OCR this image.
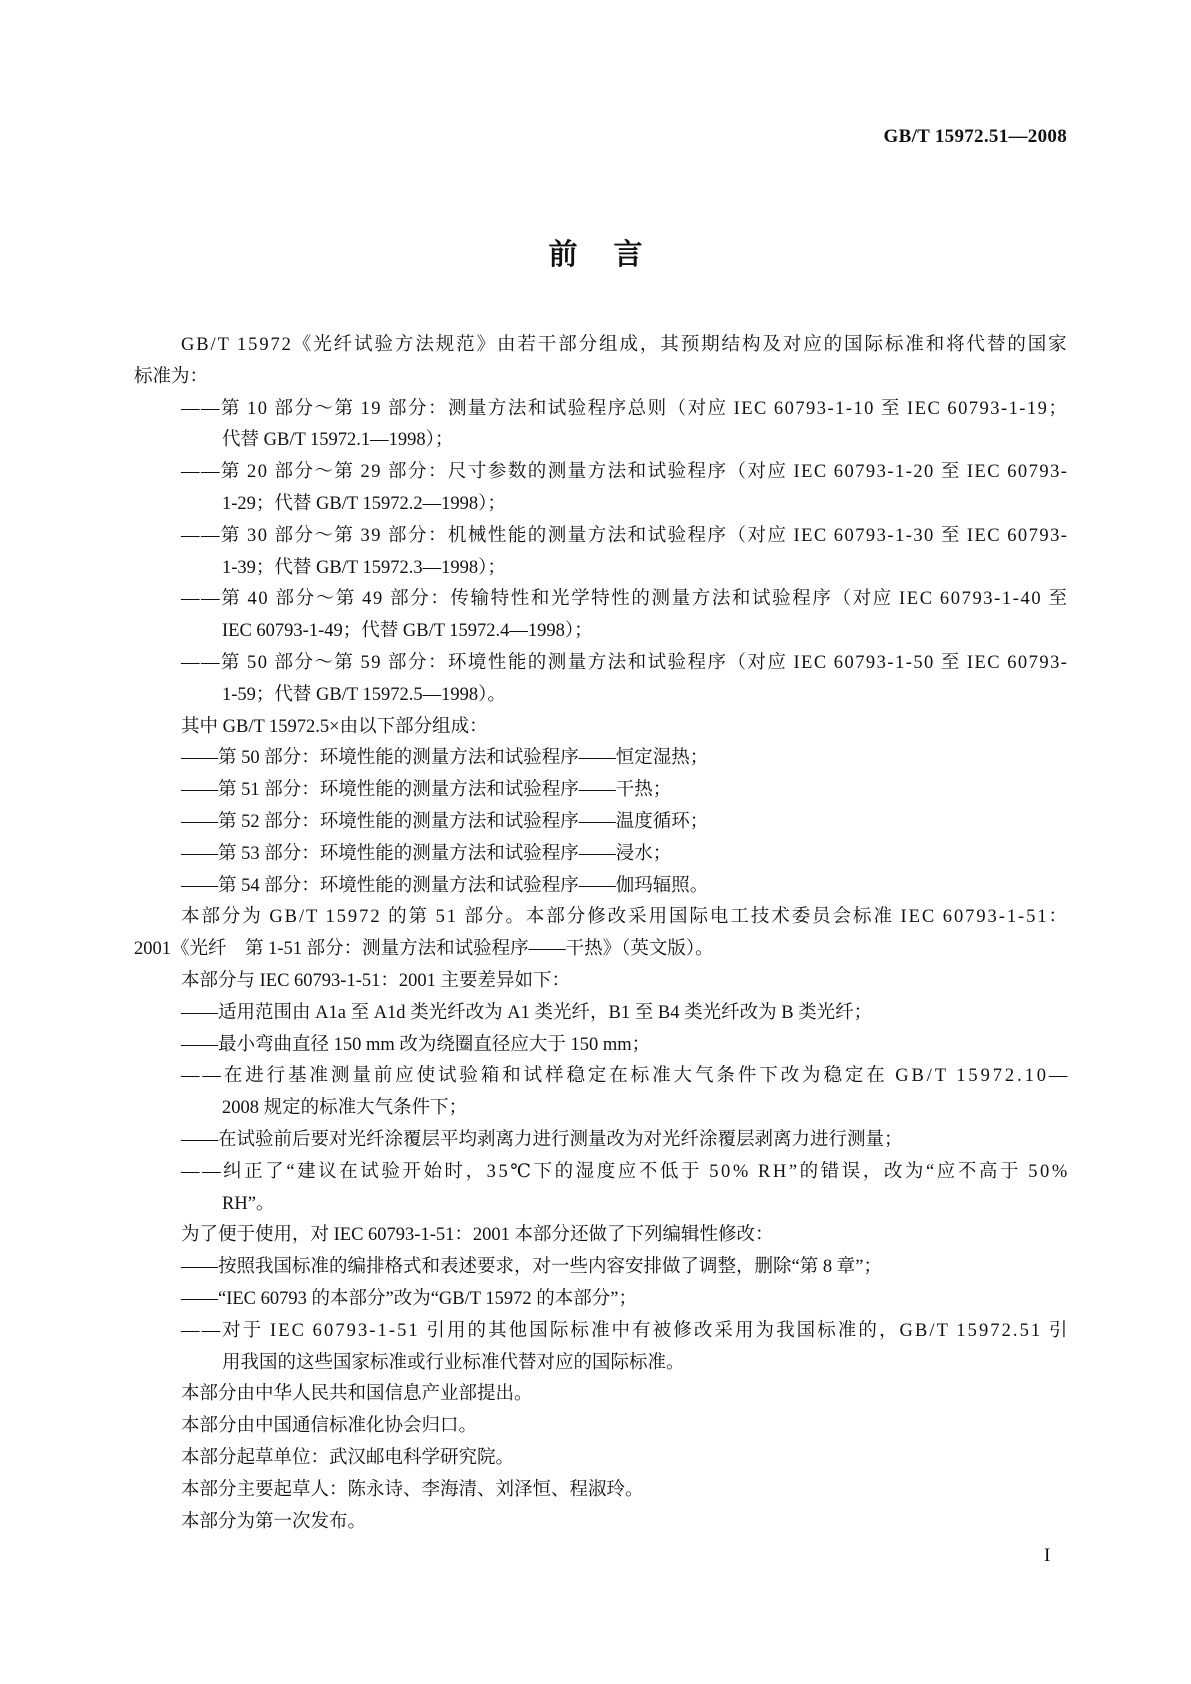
GB/T 15972.51—2008
前言
GB/T 15972《光纤试验方法规范》由若干部分组成，其预期结构及对应的国际标准和将代替的国家
标准为：
——第 10 部分～第 19 部分：测量方法和试验程序总则（对应 IEC 60793-1-10 至 IEC 60793-1-19；
代替 GB/T 15972.1—1998）；
——第 20 部分～第 29 部分：尺寸参数的测量方法和试验程序（对应 IEC 60793-1-20 至 IEC 60793-
1-29；代替 GB/T 15972.2—1998）；
——第 30 部分～第 39 部分：机械性能的测量方法和试验程序（对应 IEC 60793-1-30 至 IEC 60793-
1-39；代替 GB/T 15972.3—1998）；
——第 40 部分～第 49 部分：传输特性和光学特性的测量方法和试验程序（对应 IEC 60793-1-40 至
IEC 60793-1-49；代替 GB/T 15972.4—1998）；
——第 50 部分～第 59 部分：环境性能的测量方法和试验程序（对应 IEC 60793-1-50 至 IEC 60793-
1-59；代替 GB/T 15972.5—1998）。
其中 GB/T 15972.5×由以下部分组成：
——第 50 部分：环境性能的测量方法和试验程序——恒定湿热；
——第 51 部分：环境性能的测量方法和试验程序——干热；
——第 52 部分：环境性能的测量方法和试验程序——温度循环；
——第 53 部分：环境性能的测量方法和试验程序——浸水；
——第 54 部分：环境性能的测量方法和试验程序——伽玛辐照。
本部分为 GB/T 15972 的第 51 部分。本部分修改采用国际电工技术委员会标准 IEC 60793-1-51：
2001《光纤　第 1-51 部分：测量方法和试验程序——干热》（英文版）。
本部分与 IEC 60793-1-51：2001 主要差异如下：
——适用范围由 A1a 至 A1d 类光纤改为 A1 类光纤，B1 至 B4 类光纤改为 B 类光纤；
——最小弯曲直径 150 mm 改为绕圈直径应大于 150 mm；
——在进行基准测量前应使试验箱和试样稳定在标准大气条件下改为稳定在 GB/T 15972.10—
2008 规定的标准大气条件下；
——在试验前后要对光纤涂覆层平均剥离力进行测量改为对光纤涂覆层剥离力进行测量；
——纠正了“建议在试验开始时，35℃下的湿度应不低于 50% RH”的错误，改为“应不高于 50%
RH”。
为了便于使用，对 IEC 60793-1-51：2001 本部分还做了下列编辑性修改：
——按照我国标准的编排格式和表述要求，对一些内容安排做了调整，删除“第 8 章”；
——“IEC 60793 的本部分”改为“GB/T 15972 的本部分”；
——对于 IEC 60793-1-51 引用的其他国际标准中有被修改采用为我国标准的，GB/T 15972.51 引
用我国的这些国家标准或行业标准代替对应的国际标准。
本部分由中华人民共和国信息产业部提出。
本部分由中国通信标准化协会归口。
本部分起草单位：武汉邮电科学研究院。
本部分主要起草人：陈永诗、李海清、刘泽恒、程淑玲。
本部分为第一次发布。
I
